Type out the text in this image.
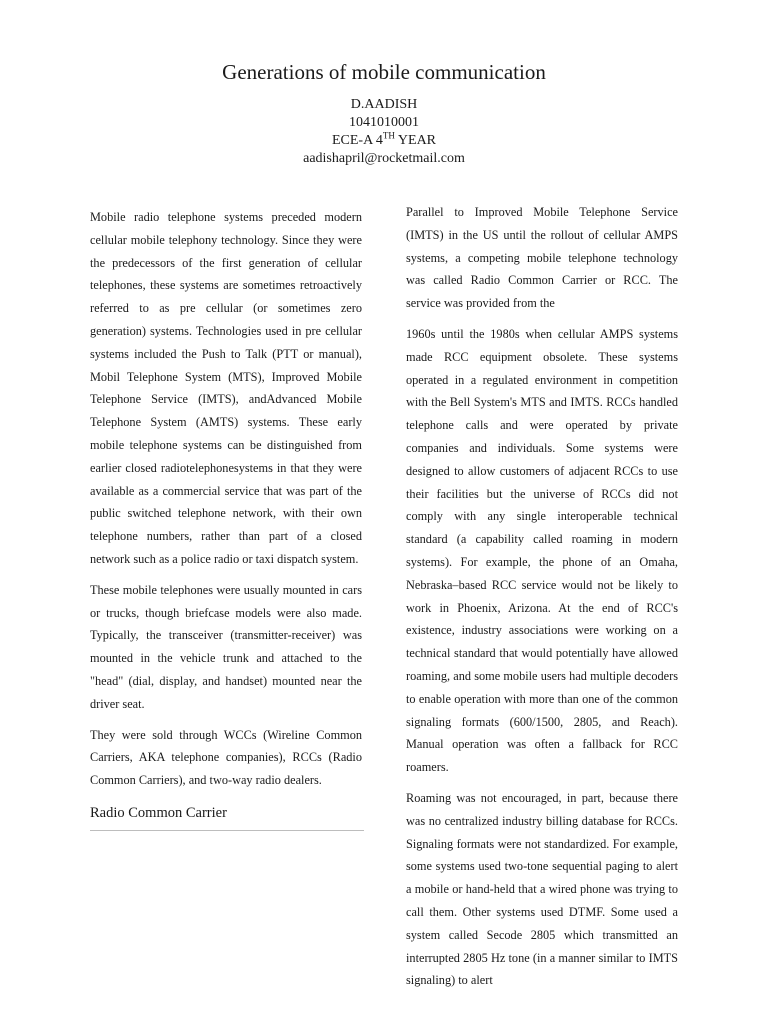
Generations of mobile communication
D.AADISH
1041010001
ECE-A 4TH YEAR
aadishapril@rocketmail.com

Mobile radio telephone systems preceded modern cellular mobile telephony technology. Since they were the predecessors of the first generation of cellular telephones, these systems are sometimes retroactively referred to as pre cellular (or sometimes zero generation) systems. Technologies used in pre cellular systems included the Push to Talk (PTT or manual), Mobil Telephone System (MTS), Improved Mobile Telephone Service (IMTS), andAdvanced Mobile Telephone System (AMTS) systems. These early mobile telephone systems can be distinguished from earlier closed radiotelephonesystems in that they were available as a commercial service that was part of the public switched telephone network, with their own telephone numbers, rather than part of a closed network such as a police radio or taxi dispatch system.

These mobile telephones were usually mounted in cars or trucks, though briefcase models were also made. Typically, the transceiver (transmitter-receiver) was mounted in the vehicle trunk and attached to the "head" (dial, display, and handset) mounted near the driver seat.

They were sold through WCCs (Wireline Common Carriers, AKA telephone companies), RCCs (Radio Common Carriers), and two-way radio dealers.

Radio Common Carrier

Parallel to Improved Mobile Telephone Service (IMTS) in the US until the rollout of cellular AMPS systems, a competing mobile telephone technology was called Radio Common Carrier or RCC. The service was provided from the

1960s until the 1980s when cellular AMPS systems made RCC equipment obsolete. These systems operated in a regulated environment in competition with the Bell System's MTS and IMTS. RCCs handled telephone calls and were operated by private companies and individuals. Some systems were designed to allow customers of adjacent RCCs to use their facilities but the universe of RCCs did not comply with any single interoperable technical standard (a capability called roaming in modern systems). For example, the phone of an Omaha, Nebraska–based RCC service would not be likely to work in Phoenix, Arizona. At the end of RCC's existence, industry associations were working on a technical standard that would potentially have allowed roaming, and some mobile users had multiple decoders to enable operation with more than one of the common signaling formats (600/1500, 2805, and Reach). Manual operation was often a fallback for RCC roamers.

Roaming was not encouraged, in part, because there was no centralized industry billing database for RCCs. Signaling formats were not standardized. For example, some systems used two-tone sequential paging to alert a mobile or hand-held that a wired phone was trying to call them. Other systems used DTMF. Some used a system called Secode 2805 which transmitted an interrupted 2805 Hz tone (in a manner similar to IMTS signaling) to alert
